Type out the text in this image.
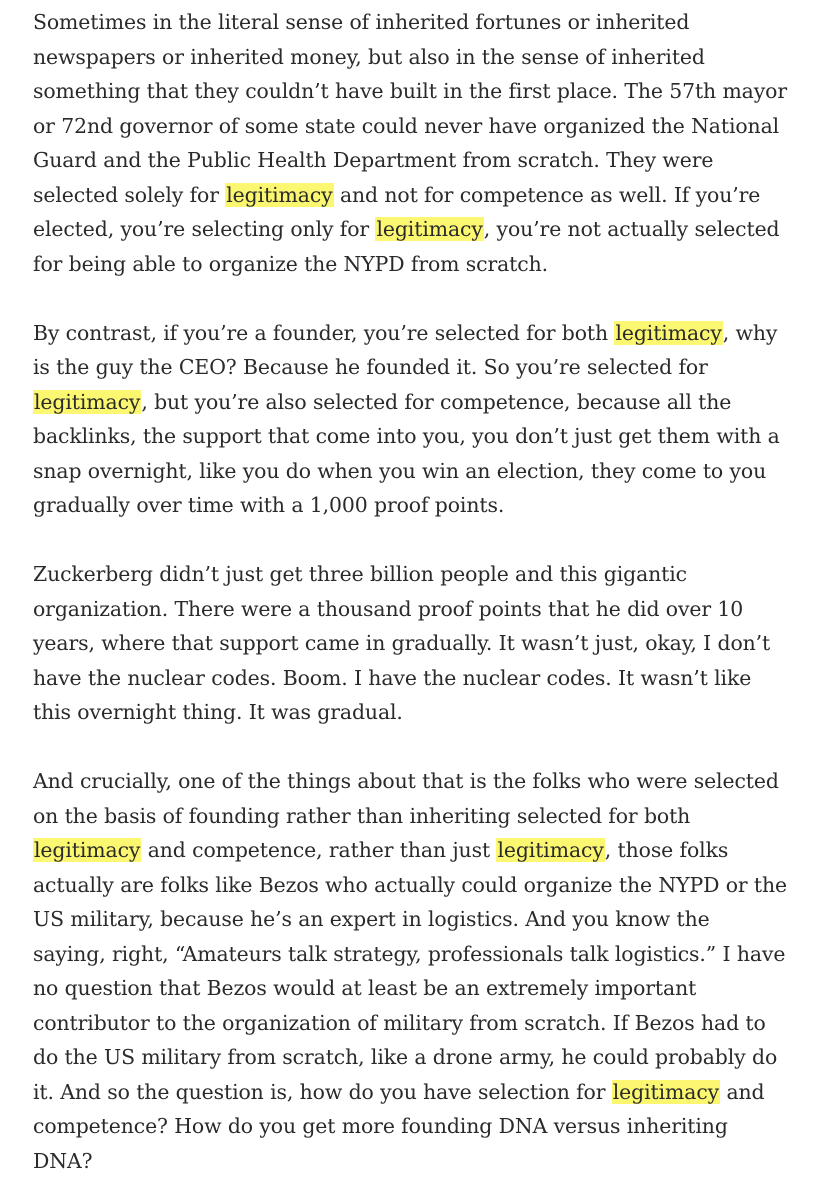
Sometimes in the literal sense of inherited fortunes or inherited newspapers or inherited money, but also in the sense of inherited something that they couldn’t have built in the first place. The 57th mayor or 72nd governor of some state could never have organized the National Guard and the Public Health Department from scratch. They were selected solely for legitimacy and not for competence as well. If you’re elected, you’re selecting only for legitimacy, you’re not actually selected for being able to organize the NYPD from scratch.

By contrast, if you’re a founder, you’re selected for both legitimacy, why is the guy the CEO? Because he founded it. So you’re selected for legitimacy, but you’re also selected for competence, because all the backlinks, the support that come into you, you don’t just get them with a snap overnight, like you do when you win an election, they come to you gradually over time with a 1,000 proof points.

Zuckerberg didn’t just get three billion people and this gigantic organization. There were a thousand proof points that he did over 10 years, where that support came in gradually. It wasn’t just, okay, I don’t have the nuclear codes. Boom. I have the nuclear codes. It wasn’t like this overnight thing. It was gradual.

And crucially, one of the things about that is the folks who were selected on the basis of founding rather than inheriting selected for both legitimacy and competence, rather than just legitimacy, those folks actually are folks like Bezos who actually could organize the NYPD or the US military, because he’s an expert in logistics. And you know the saying, right, “Amateurs talk strategy, professionals talk logistics.” I have no question that Bezos would at least be an extremely important contributor to the organization of military from scratch. If Bezos had to do the US military from scratch, like a drone army, he could probably do it. And so the question is, how do you have selection for legitimacy and competence? How do you get more founding DNA versus inheriting DNA?
